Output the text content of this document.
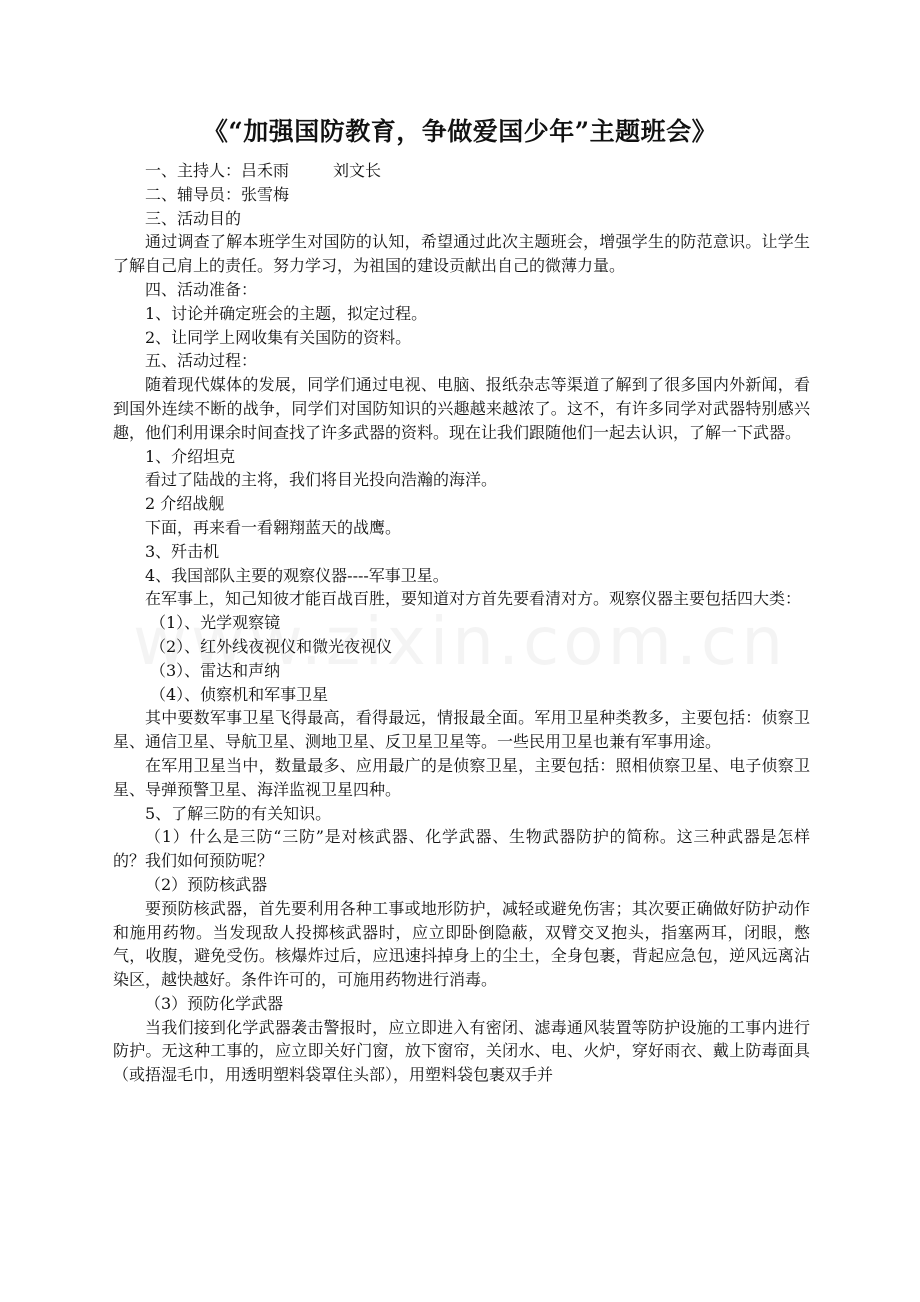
《“加强国防教育，争做爱国少年”主题班会》

一、主持人：吕禾雨	刘文长

二、辅导员：张雪梅

三、活动目的

通过调查了解本班学生对国防的认知，希望通过此次主题班会，增强学生的防范意识。让学生了解自己肩上的责任。努力学习，为祖国的建设贡献出自己的微薄力量。

四、活动准备：

1、讨论并确定班会的主题，拟定过程。

2、让同学上网收集有关国防的资料。

五、活动过程：

随着现代媒体的发展，同学们通过电视、电脑、报纸杂志等渠道了解到了很多国内外新闻，看到国外连续不断的战争，同学们对国防知识的兴趣越来越浓了。这不，有许多同学对武器特别感兴趣，他们利用课余时间查找了许多武器的资料。现在让我们跟随他们一起去认识，了解一下武器。

1、介绍坦克

看过了陆战的主将，我们将目光投向浩瀚的海洋。

2 介绍战舰

下面，再来看一看翱翔蓝天的战鹰。

3、歼击机

4、我国部队主要的观察仪器----军事卫星。

在军事上，知己知彼才能百战百胜，要知道对方首先要看清对方。观察仪器主要包括四大类：

（1）、光学观察镜

（2）、红外线夜视仪和微光夜视仪

（3）、雷达和声纳

（4）、侦察机和军事卫星

其中要数军事卫星飞得最高，看得最远，情报最全面。军用卫星种类教多，主要包括：侦察卫星、通信卫星、导航卫星、测地卫星、反卫星卫星等。一些民用卫星也兼有军事用途。

在军用卫星当中，数量最多、应用最广的是侦察卫星，主要包括：照相侦察卫星、电子侦察卫星、导弹预警卫星、海洋监视卫星四种。

5、了解三防的有关知识。

（1）什么是三防“三防”是对核武器、化学武器、生物武器防护的简称。这三种武器是怎样的？我们如何预防呢？

（2）预防核武器

要预防核武器，首先要利用各种工事或地形防护，减轻或避免伤害；其次要正确做好防护动作和施用药物。当发现敌人投掷核武器时，应立即卧倒隐蔽，双臂交叉抱头，指塞两耳，闭眼，憋气，收腹，避免受伤。核爆炸过后，应迅速抖掉身上的尘土，全身包裹，背起应急包，逆风远离沾染区，越快越好。条件许可的，可施用药物进行消毒。

（3）预防化学武器

当我们接到化学武器袭击警报时，应立即进入有密闭、滤毒通风装置等防护设施的工事内进行防护。无这种工事的，应立即关好门窗，放下窗帘，关闭水、电、火炉，穿好雨衣、戴上防毒面具（或捂湿毛巾，用透明塑料袋罩住头部），用塑料袋包裹双手并
